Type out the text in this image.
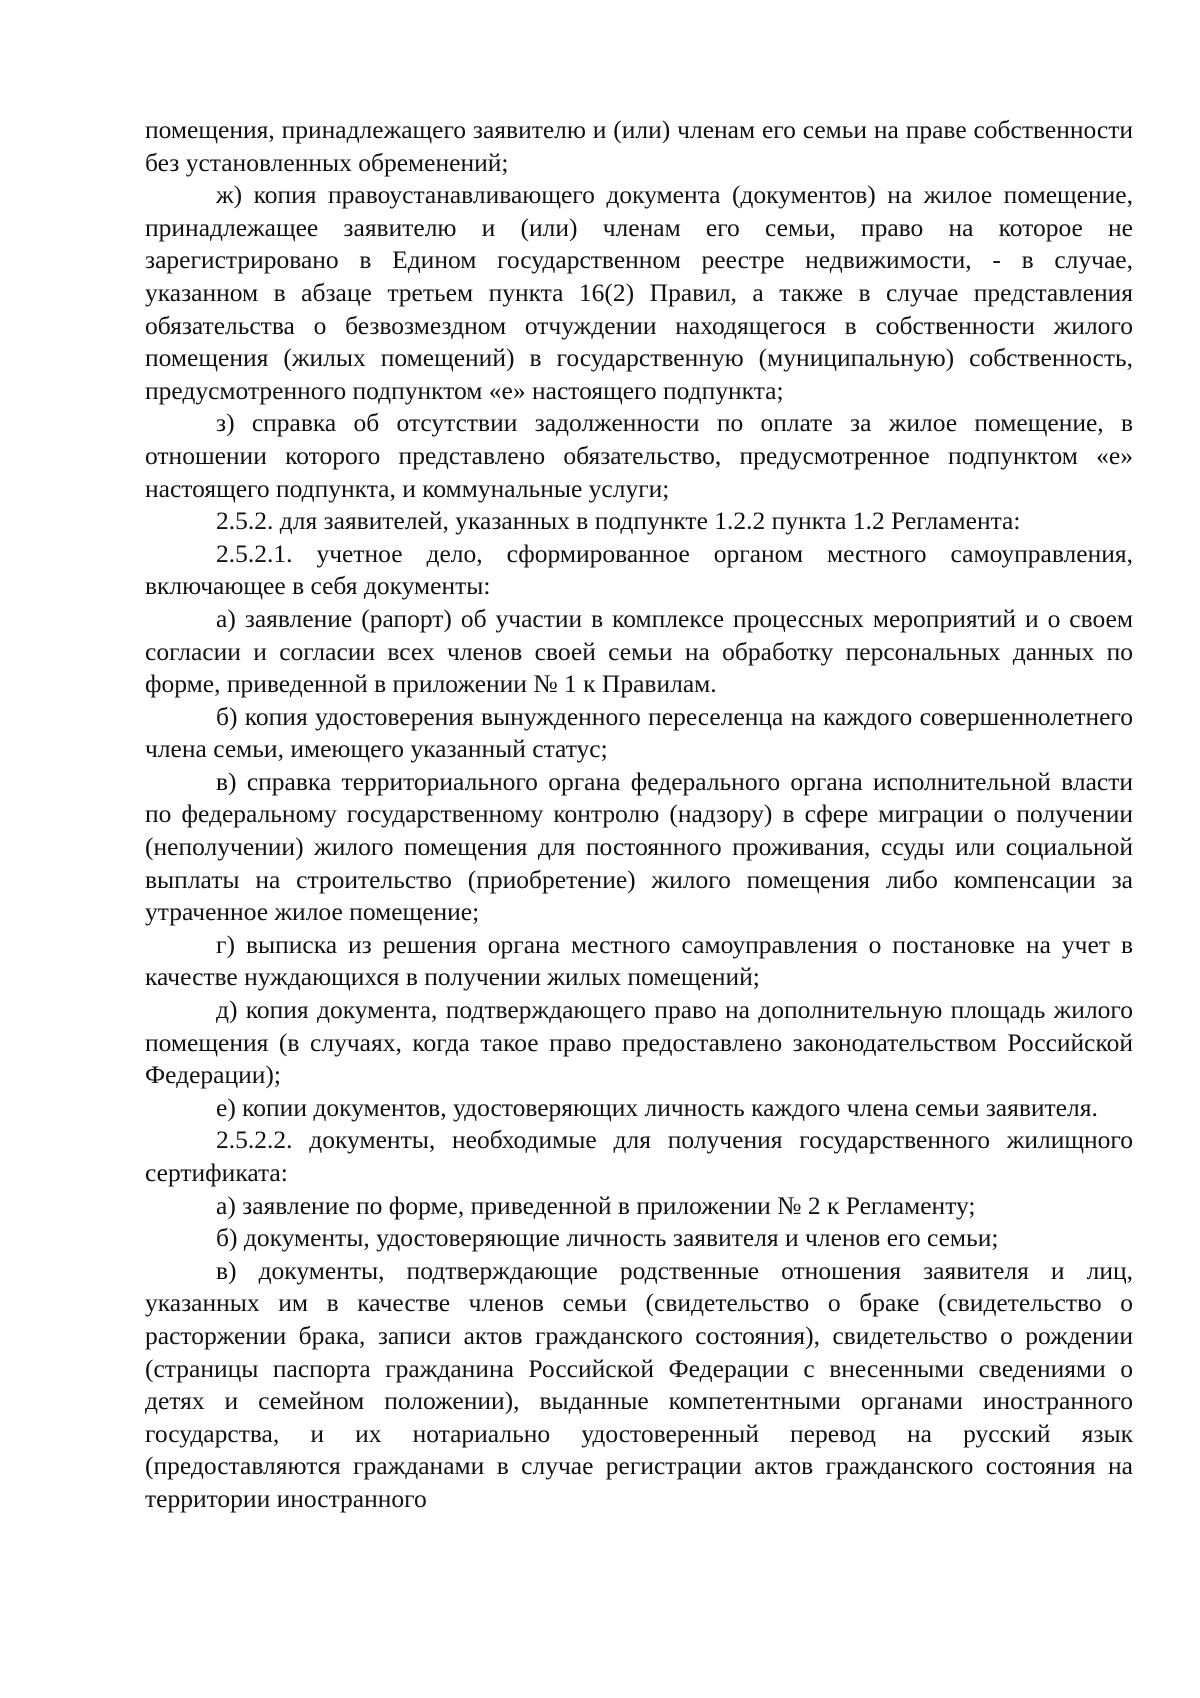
помещения, принадлежащего заявителю и (или) членам его семьи на праве собственности без установленных обременений;

ж) копия правоустанавливающего документа (документов) на жилое помещение, принадлежащее заявителю и (или) членам его семьи, право на которое не зарегистрировано в Едином государственном реестре недвижимости, - в случае, указанном в абзаце третьем пункта 16(2) Правил, а также в случае представления обязательства о безвозмездном отчуждении находящегося в собственности жилого помещения (жилых помещений) в государственную (муниципальную) собственность, предусмотренного подпунктом «е» настоящего подпункта;

з) справка об отсутствии задолженности по оплате за жилое помещение, в отношении которого представлено обязательство, предусмотренное подпунктом «е» настоящего подпункта, и коммунальные услуги;

2.5.2. для заявителей, указанных в подпункте 1.2.2 пункта 1.2 Регламента:

2.5.2.1. учетное дело, сформированное органом местного самоуправления, включающее в себя документы:

а) заявление (рапорт) об участии в комплексе процессных мероприятий и о своем согласии и согласии всех членов своей семьи на обработку персональных данных по форме, приведенной в приложении № 1 к Правилам.

б) копия удостоверения вынужденного переселенца на каждого совершеннолетнего члена семьи, имеющего указанный статус;

в) справка территориального органа федерального органа исполнительной власти по федеральному государственному контролю (надзору) в сфере миграции о получении (неполучении) жилого помещения для постоянного проживания, ссуды или социальной выплаты на строительство (приобретение) жилого помещения либо компенсации за утраченное жилое помещение;

г) выписка из решения органа местного самоуправления о постановке на учет в качестве нуждающихся в получении жилых помещений;

д) копия документа, подтверждающего право на дополнительную площадь жилого помещения (в случаях, когда такое право предоставлено законодательством Российской Федерации);

е) копии документов, удостоверяющих личность каждого члена семьи заявителя.

2.5.2.2. документы, необходимые для получения государственного жилищного сертификата:

а) заявление по форме, приведенной в приложении № 2 к Регламенту;

б) документы, удостоверяющие личность заявителя и членов его семьи;

в) документы, подтверждающие родственные отношения заявителя и лиц, указанных им в качестве членов семьи (свидетельство о браке (свидетельство о расторжении брака, записи актов гражданского состояния), свидетельство о рождении (страницы паспорта гражданина Российской Федерации с внесенными сведениями о детях и семейном положении), выданные компетентными органами иностранного государства, и их нотариально удостоверенный перевод на русский язык (предоставляются гражданами в случае регистрации актов гражданского состояния на территории иностранного
